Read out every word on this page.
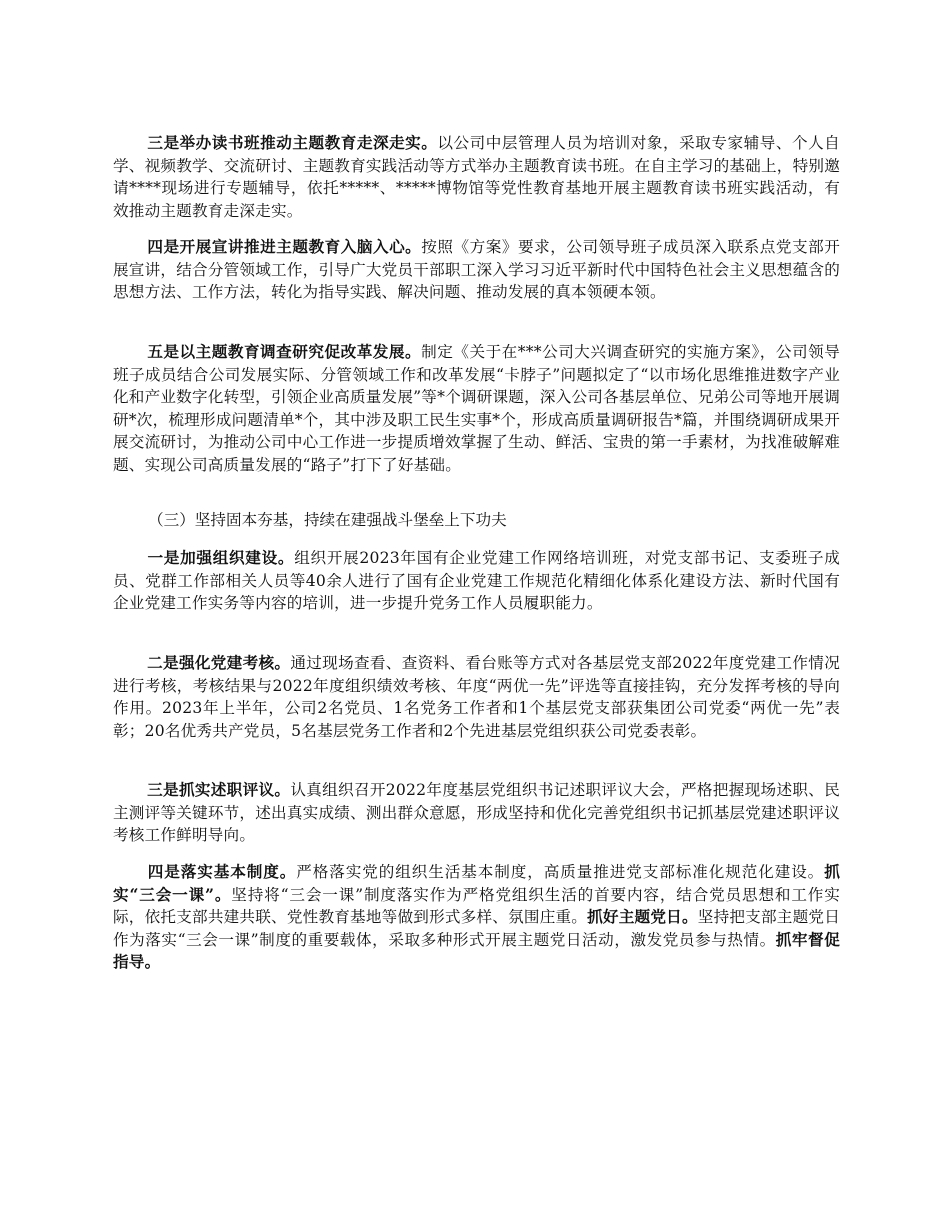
三是举办读书班推动主题教育走深走实。以公司中层管理人员为培训对象，采取专家辅导、个人自学、视频教学、交流研讨、主题教育实践活动等方式举办主题教育读书班。在自主学习的基础上，特别邀请****现场进行专题辅导，依托*****、*****博物馆等党性教育基地开展主题教育读书班实践活动，有效推动主题教育走深走实。

四是开展宣讲推进主题教育入脑入心。按照《方案》要求，公司领导班子成员深入联系点党支部开展宣讲，结合分管领域工作，引导广大党员干部职工深入学习习近平新时代中国特色社会主义思想蕴含的思想方法、工作方法，转化为指导实践、解决问题、推动发展的真本领硬本领。

五是以主题教育调查研究促改革发展。制定《关于在***公司大兴调查研究的实施方案》，公司领导班子成员结合公司发展实际、分管领域工作和改革发展“卡脖子”问题拟定了“以市场化思维推进数字产业化和产业数字化转型，引领企业高质量发展”等*个调研课题，深入公司各基层单位、兄弟公司等地开展调研*次，梳理形成问题清单*个，其中涉及职工民生实事*个，形成高质量调研报告*篇，并围绕调研成果开展交流研讨，为推动公司中心工作进一步提质增效掌握了生动、鲜活、宝贵的第一手素材，为找准破解难题、实现公司高质量发展的“路子”打下了好基础。

（三）坚持固本夯基，持续在建强战斗堡垒上下功夫

一是加强组织建设。组织开展2023年国有企业党建工作网络培训班，对党支部书记、支委班子成员、党群工作部相关人员等40余人进行了国有企业党建工作规范化精细化体系化建设方法、新时代国有企业党建工作实务等内容的培训，进一步提升党务工作人员履职能力。

二是强化党建考核。通过现场查看、查资料、看台账等方式对各基层党支部2022年度党建工作情况进行考核，考核结果与2022年度组织绩效考核、年度“两优一先”评选等直接挂钩，充分发挥考核的导向作用。2023年上半年，公司2名党员、1名党务工作者和1个基层党支部获集团公司党委“两优一先”表彰；20名优秀共产党员，5名基层党务工作者和2个先进基层党组织获公司党委表彰。

三是抓实述职评议。认真组织召开2022年度基层党组织书记述职评议大会，严格把握现场述职、民主测评等关键环节，述出真实成绩、测出群众意愿，形成坚持和优化完善党组织书记抓基层党建述职评议考核工作鲜明导向。

四是落实基本制度。严格落实党的组织生活基本制度，高质量推进党支部标准化规范化建设。抓实“三会一课”。坚持将“三会一课”制度落实作为严格党组织生活的首要内容，结合党员思想和工作实际，依托支部共建共联、党性教育基地等做到形式多样、氛围庄重。抓好主题党日。坚持把支部主题党日作为落实“三会一课”制度的重要载体，采取多种形式开展主题党日活动，激发党员参与热情。抓牢督促指导。
